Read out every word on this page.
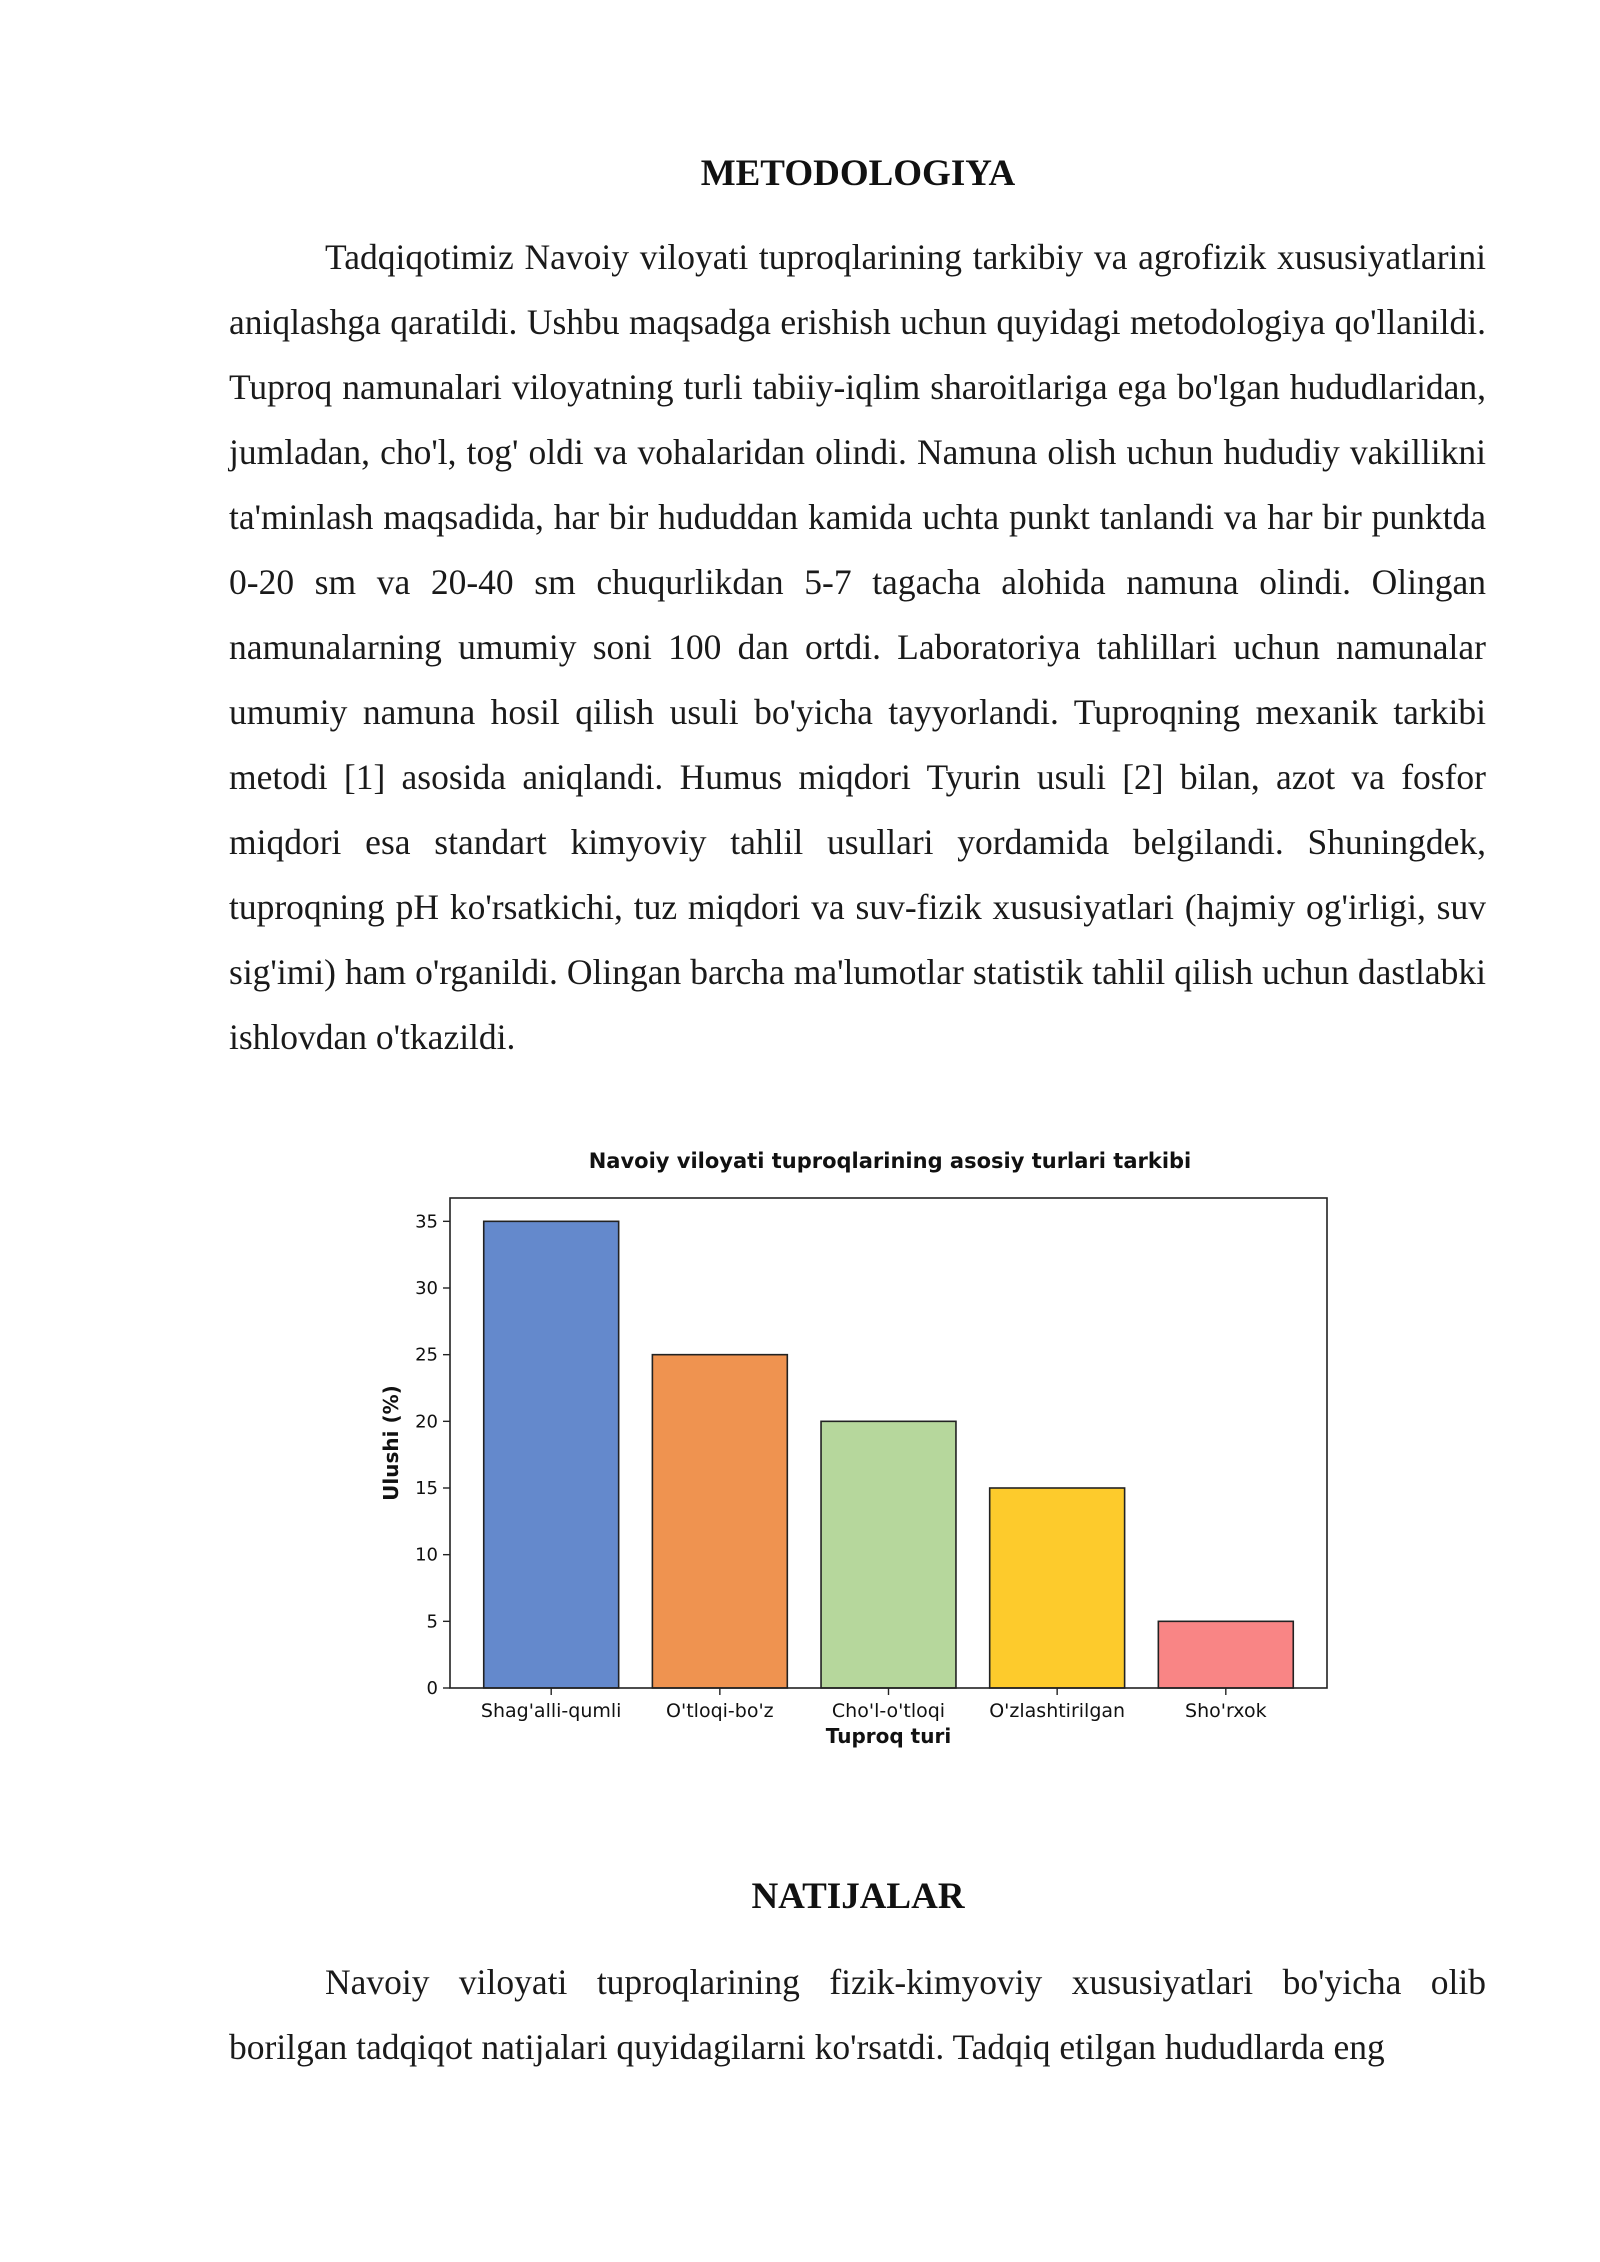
METODOLOGIYA

Tadqiqotimiz Navoiy viloyati tuproqlarining tarkibiy va agrofizik xususiyatlarini aniqlashga qaratildi. Ushbu maqsadga erishish uchun quyidagi metodologiya qo'llanildi. Tuproq namunalari viloyatning turli tabiiy-iqlim sharoitlariga ega bo'lgan hududlaridan, jumladan, cho'l, tog' oldi va vohalaridan olindi. Namuna olish uchun hududiy vakillikni ta'minlash maqsadida, har bir hududdan kamida uchta punkt tanlandi va har bir punktda 0-20 sm va 20-40 sm chuqurlikdan 5-7 tagacha alohida namuna olindi. Olingan namunalarning umumiy soni 100 dan ortdi. Laboratoriya tahlillari uchun namunalar umumiy namuna hosil qilish usuli bo'yicha tayyorlandi. Tuproqning mexanik tarkibi metodi [1] asosida aniqlandi. Humus miqdori Tyurin usuli [2] bilan, azot va fosfor miqdori esa standart kimyoviy tahlil usullari yordamida belgilandi. Shuningdek, tuproqning pH ko'rsatkichi, tuz miqdori va suv-fizik xususiyatlari (hajmiy og'irligi, suv sig'imi) ham o'rganildi. Olingan barcha ma'lumotlar statistik tahlil qilish uchun dastlabki ishlovdan o'tkazildi.

Navoiy viloyati tuproqlarining asosiy turlari tarkibi
0
5
10
15
20
25
30
35
Shag'alli-qumli O'tloqi-bo'z	Cho'l-o'tloqi O'zlashtirilgan	Sho'rxok
Tuproq turi
Ulushi (%)
NATIJALAR

Navoiy viloyati tuproqlarining fizik-kimyoviy xususiyatlari bo'yicha olib borilgan tadqiqot natijalari quyidagilarni ko'rsatdi. Tadqiq etilgan hududlarda eng
